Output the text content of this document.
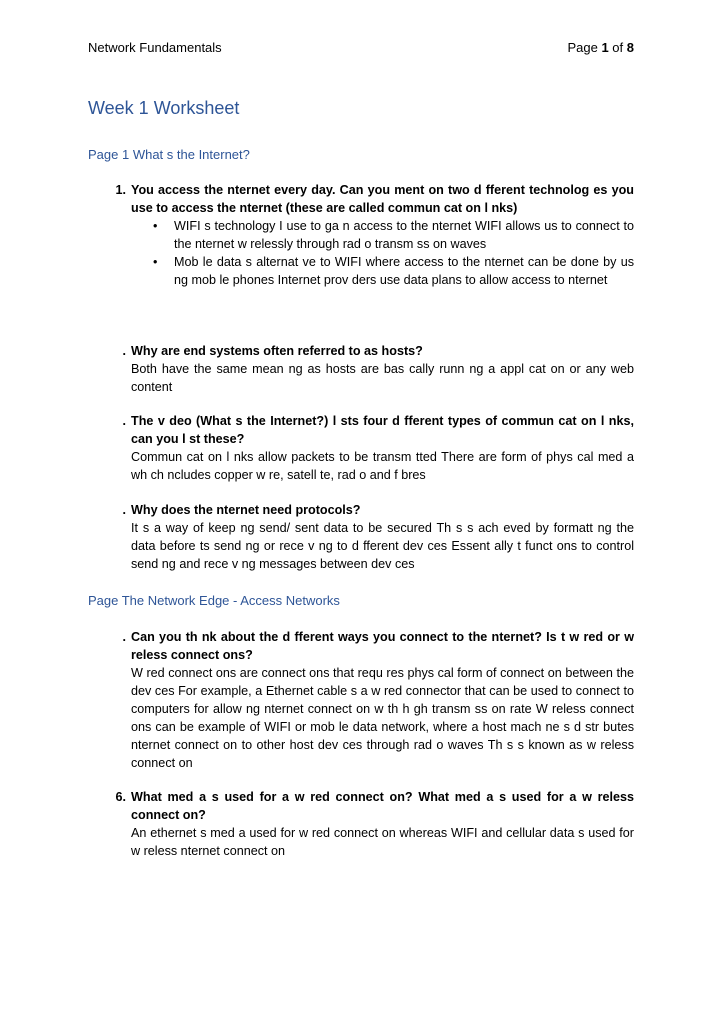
Network Fundamentals	Page 1 of 8
Week 1 Worksheet
Page 1 What s the Internet?
1. You access the nternet every day. Can you ment on two d fferent technolog es you use to access the nternet (these are called commun cat on l nks)
• WIFI s technology I use to ga n access to the nternet WIFI allows us to connect to the nternet w relessly through rad o transm ss on waves
• Mob le data s alternat ve to WIFI where access to the nternet can be done by us ng mob le phones Internet prov ders use data plans to allow access to nternet
. Why are end systems often referred to as hosts?
Both have the same mean ng as hosts are bas cally runn ng a appl cat on or any web content
. The v deo (What s the Internet?) l sts four d fferent types of commun cat on l nks, can you l st these?
Commun cat on l nks allow packets to be transm tted There are form of phys cal med a wh ch ncludes copper w re, satell te, rad o and f bres
. Why does the nternet need protocols?
It s a way of keep ng send/ sent data to be secured Th s s ach eved by formatt ng the data before ts send ng or rece v ng to d fferent dev ces Essent ally t funct ons to control send ng and rece v ng messages between dev ces
Page The Network Edge - Access Networks
. Can you th nk about the d fferent ways you connect to the nternet? Is t w red or w reless connect ons?
W red connect ons are connect ons that requ res phys cal form of connect on between the dev ces For example, a Ethernet cable s a w red connector that can be used to connect to computers for allow ng nternet connect on w th h gh transm ss on rate W reless connect ons can be example of WIFI or mob le data network, where a host mach ne s d str butes nternet connect on to other host dev ces through rad o waves Th s s known as w reless connect on
6. What med a s used for a w red connect on? What med a s used for a w reless connect on?
An ethernet s med a used for w red connect on whereas WIFI and cellular data s used for w reless nternet connect on
